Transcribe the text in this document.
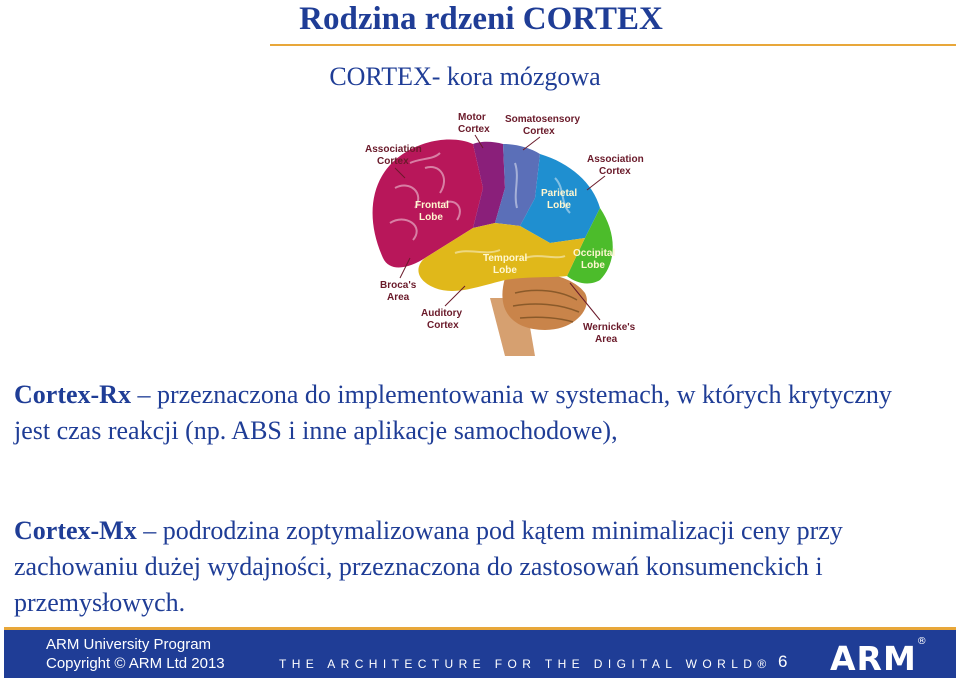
Rodzina rdzeni CORTEX
CORTEX- kora mózgowa
Motor
Cortex
Somatosensory
Cortex
Association
Cortex	Association
Cortex
Broca's
Area
Auditory
Cortex	Wernicke's
Area
Frontal
Lobe
Parietal
Lobe
Temporal
Lobe
Occipital
Lobe
Cortex-Rx – przeznaczona do implementowania w systemach, w których krytyczny jest czas reakcji (np. ABS i inne aplikacje samochodowe),
Cortex-Mx – podrodzina zoptymalizowana pod kątem minimalizacji ceny przy zachowaniu dużej wydajności, przeznaczona do zastosowań konsumenckich i przemysłowych.
ARM University Program
Copyright © ARM Ltd 2013	THE ARCHITECTURE FOR THE DIGITAL WORLD® 6 ARM®
